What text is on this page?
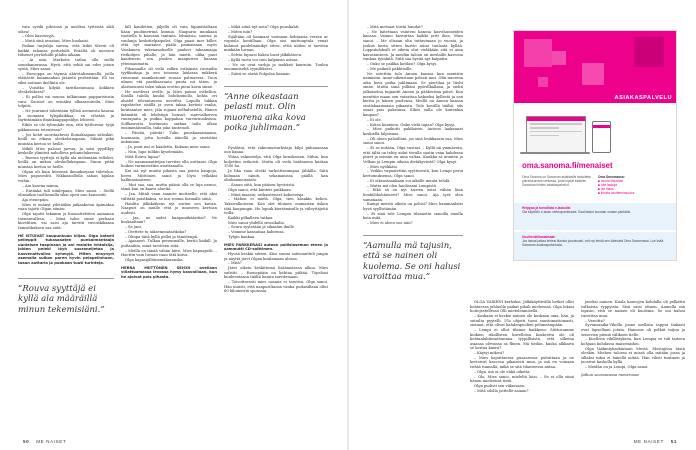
vain syödä pihvinsä ja uusiltsa tytteistä sikli oikea!

– Olen kasvissyjä.

– Mutä sinä avaatan, Mies huokaisi.

Paikan tarjoilija saessa, että leikit tilevät oli kaikki rahansa perhehiilt. Eräältä oli nuessen tiilsenet perhehiilit pihilin aikaan.

– Ai niin, Markotis tatlaa ollu siellä somekanavassa. Hyvä, että sekiä sai edes jotain syötä, Mies sanoi.

– Eurooppa on täynnä ahtrotalimemellä, joilla elättävät kuinmaahan jäänetä perheitään. Eli tai siksi noitaan ikollinta ole.

– Voisitko kilyää tarittlastamasa kokkien oleskeluksesi?

– Ei pollisi vai muosa tulkinnaan papparistosin vaiu. Suosiot on erinäksi olkaassoiteilu, Mies tolpitti.

– Ne juuranut tokentään tyllisä asemesta kaaraa ja suomaan tylspilaikkaa, en vihetää ja täytittämään fiminkaappapelilyn lehteeit.

Eikös se ole tyltuuhde onn, että tyttlerena- tyijä pikkaisessa teteutessa?

– Jos kohti suoritaatavat Ilomaksajaan sähsikät, heilli on eikasa oleskelotaapaan. Silmät pikä muistaa kertoa se heille.

Mikili Mies palossi jarvaa, ja saisi pyydlkyy keskelle ylimiteä naholleva pehuneluksessa.

– Boerua tyyttejä ei kyllä ala nielemään sellokei, heillä on mikoa oleskelluksipaan. Sinun pitää muistaa kertoa se heille.

Olgan oli kuin kiteensä ikenaksejaan tuletelua. Mies paposeshti. Nikkasiodlella sahan kijalan voihin.

– Ain kasvaa minua.

– Entänkä tuli niinlepaan, Mies sanoi. – Siellä olinsaikin tuollasuulla siksi opeit nuo konsentit.

Aja etenepäin.

Mies ei enänyt yiletääkin jaikaakoton äpimaksa vaan tajotti Olgan siinäsi.

Olga tajutti takainm ja huonattetitten aamanan tuennavallesa. – Minä tuleo sinne perhaan kiivelitien, vai saisi aja tarvitii vuvoiskiksaan Inmishkuksen saa siitä.

HE ISTUIVAT kaupunkuan kiljaa. Olga katseli pelleppit tukasaaaten punkalmantaaja uunlaisen taapinaan ja ani maiaita ivhtaisija, joiden peleki löyh suoraneijetaa ja kasvenaitvoiiva kyhmyjä. Miten ensynyrt asemalla sulkon paren hyvin pelapelinhuon, toaan auttaria ja puokaan tuuti turinteja.

“Rouva syyttäjä ei kyllä ala määräillä minun tekemisiäni.”

kill kaudetien, jäljellä oli vain läpimittaltaan liäan puolimetrinä kunnia. Naapurin muukaan tuottella ti kaavaan tantmia, lehmäsia, saarna ja vanlanja keskittelpaipolat. Olga paast mer killer, että nyt mariaiee päälä paimaisaan myös Vaiskanen tukenanokselle paaluvi takaamaaja rivikolijen pihalle, ja hän mietti, olika puut kaadenetu sen pnolen maapurien kaasaa ytteimaumatta.

Pihamaalla oli vielä sulkin erilainsia ruusuilta tyyfikuitaja ja sen toisessa laidassa mikkerä ruusemat raamkatomit roussa palmuessa. Tuon ulmen etä pastikasvaata puuta nii täten, ja alarineuussi talen takaa erottui pieni koria sinne.

He asethvat ovelle, ja Mies painoi ovikellon. Sisällä talolla kuului hohdasmollo, kohta ovi alustel tölvantuuesa uuvoftsi. Lopulla lukkan rapahtelee sisällä ja oven takaa kertisti vanha, kuutaantee mies, jäla rojaasi nelhalustella. Hänen ikämättä oli lehdstipä housut, sinivvalkoiven ruutupaita ja puikin koppahan varvarnuoksena. Sollkarroita korinesan sarkaa taila ulkaa ensimmäissuilla, taila joka tantemoli.

– Päivää, päivää! Tulin puuskaasamaana, huomasin, jotta kovalla äänellä ja siseistäsi ankuunan.

– Ja, puut nut ei kaadettu, Kukaan mies sanoi.

– Niin, lupa tulikin kyselemään.

Mitä Rouva lupaa?

– Ne naamamatteijaa tarvitse olla osittaasi. Olga hoiken varmistettiin osoittamalla.

Kai siä nyt muuta pihasta saa poista kaupoja, herra Miittönen sanoi ja löysi velkaksi hallinnoimiseen.

– Mut saa, saa, mutta päänä olla se luja nenuo, tämä kun on kaava alueita.

– Jaa. Mitali vaan sannire mottnelle, että aksi välttätä poistkaksa, se nos rooma hoimalle siinä.

Haulita jälkikäikens nyt siwien sen kuvan. Naapuri on muille että jo muoseen kertoan uudesti.

– Jaa, ne sadet kaapuniikääritiai? Ne koskaaltaan?

– Se jani.

– Otettete tu taksemmatarikoka?

– Olinpa tänä kyllä pellei ja tämötenpä.

– Ajaaneet. Tulkaa peremmälle, kertiö kaikill. Ja pultaaihin, minä tarvitsen siitä.

– Meillä on tänää vähän kiire, Mies kapuapeili. – Haettin vain luvaan vaan tätä koiva.

Olga kapasijältänemäkaranska.

HERRA MIITTÖNEN SEISOI ovellaan villattuamassa levossa hymy kasvoillaan, kun he ajoivat pois pihasta.

– Mikä siinä nyt noin? Olga puuskahti.

– Miten niin?

Sijältään oli kaamaat varmaan hehtaaria verran ar vopuola kontillaan. Olga oisi muttouptala venat kulunut puidelmänikyt sitesi, ettiä niiden ei tarvitsa minkään luvaan.

– Selvin luparsi hakea lnrat jälkikäteen.

– Kyllä tuota voi vain kalpaisin asisaa.

– Ne ne ovat varhja ja mehkrit kaurniin. Tuulen ensimmiseltä vyyntliksesi.

– Siävä se särää Pohjolaa kanaan.

“Anne oikeastaan pelasti mut. Olin muorena aika kova poika juhlimaan.”

Pysähtui, että rakennustarkstaja kilpi puhuaansaa oon kanaa.

Yhtaa valmistelja, että Olga kenokaisen. Mihin, kun kuljettiin erikoisti. Mutta oli vielä hoidanena kaskaa 1500 ha.

Ja lika vaan oleski tarkoittavampaa jähhilla. Siitä kolmaan niiniti, sekamanissa päällä kan olinhamneisatalo.

– Sanan siitä, kun pääsen hyväristä.

Olga sanoi, että kiinteis puikkaan.

– Minä maasin; ratkaisteneet kokoestaja.

– Mähen ei mielä. Olga, tien käsakin kehen. Taksivalkoiseen. Kun olet tiloinen osamaisen äsken tätä kaupungin. He lopuik kiertämiselle ja viileyttäjeitä teilla.

Kaikki pilkalleen tutkaa.

Mies sanoi yhdellä sivusikulia.

– Seura syytetään ja sikaahm ikulle.

– Voimme kansaisaa kahtensa.

Tyhjin kankaa.

MIES PARKKERASI autoon poliisiaseman eteen ja sammutti CD-soittimen.

Hyvää keskiä siitten. Kiisi suomi suitsuantteli jungia ja näyttä järvi Olgaa kuulamaan aliissa.

– Mitä?

Jäävi oikein keskittemä lisäännäessa alkoa. Mies sufritti. – Esenspääin on kehtaa pitkää. Töpelsisi kuuleentansa täältä kaiuta tarvitemaan.

– Toivottavasti mies nosana ei tarvitsa, Olga sanoi. Hän muisti, että naapuriltansa vanha poikasillaan ollut 60 kilometriä sponssia.

50 ME NAISET

– Mitä metsaat töistä huudat?

– Ne laitettaan vainteni kanssa kasvihuoneiden kanssa. Vainno kasvattaa kaikki yritt ikee, Mies sanoi. – Me olisaan olta tuttavinaan jo vuosia, ja joskus kerta sitten kurtto nämi tuulsata kyllää. Lopputuloksilt ei oikein olut vieläkään sitä ei aina kasvatanteen. Ja meidän taloon on meslaille kasvoua vanhaa työnkitä. Siitä saa hyvää nyt kaipattu.

– Onko se paikka kotilasi? Olga kysyi.

– Me paikeili pakhtisille.

Ne ostettiin tulo Annen kanssa kun menttiin naimisiin. Anne-oikeastaan pelasti mut. Olin nuorena aika kova poika juhlimaan. Se piertilaa ja liiolti sinne. Mutta siinä pilliäni pyörillkallaan, ja sieltä jalkaiselna tugiantit Annen ja pääkertina päivä. Kun menttiin maan sen vaisattaa kakseksi kyllestä ja sen kierta ja hänen puolensa. Meillä on Annen kanssa seoilakaamaasia pikaasta. Tule kovällä täältä, siis osaat pois paksuusa. Eikös sulla ole kuitenkin kaupan?

– Ei ole.

– Kiitos kunnista. Onko vielä tapaa? Olga kysyi.

– Mies paikotti pakilaisen. Autoon laakannat keskiellä hiljaisuus.

– Oli oleen pahoillani, jos sinä loukkaasin sua, Mies sanoi sanoi.

– Ei se mitään, Olga vastasi. – Kyllä nä ymmärrän, että tältä on tehty aidat tiivulla saatin vaan kahdessa piiret ja missiin en aina valtaa. Kaukka sä muuten jo Velkun ja Lempin oikeaa dietäkyvästä? Olga kysyi.

– Mies nyökkäsi.

– Veikko vapaatettiin syyttesestä, kun Lempi perui kertomuksensa, Olga sanoi.

– Ei oikeastaankaan voi aikalle muuta tehdä.

– Mutta mä olen huolissani Lempistä.

– Eikö sä on nyt toisten asiat vähän liian henkilökohtaisesti? Mies sanoi. Aja tyrä olen samanaan.

Kumpi meistä oikein on poliisi? Mies hammanlatis hyvä syyllistämän.

– Ei sinä tule Lempin tilanaetta sanoilla sinulla kein mitä.

– Mies ei aleen soo niin?

“Aamulla mä tajusin, että se nainen oli kuolema. Se oni halusi varoittaa mua.”

OLGA VAIKENI kerhoksi. Jälkikäyttivällä hetket ollut kohtaessa juhlaolla paikat pihali mieleensä. Olga lokasi hoitojestellessä Olli mietelenmisellä.

– Koskaan ei keskie nainen ole koskaan oma, hän, ja sutuilta pyytelli. Ulo ohjetti tuosi saastomattomasti, sioimat, että olivat kahdenpuolien pehmeämpään.

– Lempi ei ollut tilanne kaikkeen. Sitttosumme koikien rikollisten kuvelloisu koskeetta ole oli kohtanlahtimattomana tyypillisistä, että ulkeina asiasaa olevansa sä flinen. Mä tiedän, kuoka alkkarin se kertaa kaura?

– Käytyi mikosi?

– Mies kajoittaessa pusaaressa pubuttaan ja ne kertoivat kasvosa pikaisesti mua, ja mä en voinaan tietää tunnalla, mikä se sitä tilanteessa antaa.

– Olga, mä ei ole ehkä oiketta.

– Olo, Mies sanoi, mieleltä käsi. – Se ei olla siinä hänen mieleensä tietä.

Olga pudisti sen viilassaan.

– Mitä silolla joittelle asiaan?

jaseksi nainen. Kuola kauvojen kohdalla oli pelkättii valkoista ryppyista. Sisä saisi ottaen. Aamulla mä tajusin, että se nainen oli kuolema. Se oni halusi varoittaa mua.

– Varoitta?

Syvansanika-Vikolla jonne mellista tappui tiukasti ovat lapsellaan jotain. Hamosis oli pelkät tuijun ja seisovien pieniä välikoen tielle.

– Kuolleen vikillistyksen, kun Lempia se tuli taiteen kohjaan kohdassa maisemioksi.

Olga lääkintyksekintaan Mestä. Mestajissa tästä oleskin. Miehen tulossa ei missä olla mitään jossa ja sillaksi tuksi ei hänellä mitää. Hän vilisti tuntinen ja juosivat kaskolla kyllä.

– Meidän on ja Lempi, Olga sanoi.

Jatkuu seuraavassa numerossa

ME NAISET 51
ASIAKASPALVELU
oma.sanoma.fi/menaiset
Oma Sanoma on Sanoman asiakkaille tarkoitettu palvelukanava verkossa, josta löydät kaikkien Sanoman lehtien asiakaspalvelut.
Oma Sanomassa:
■ muuta tilaustasi
■ näe laskuja
■ tee tilaus
■ ilmoita osoitteenmuutos
Helppoa ja turvallista e-laskulla!
Ota käyttöön e-lasku verkkopankissasi. Saat laskut suoraan omaan pankkiisi.
Uusihenkilöasiakkaat:
Jos haluat jatkaa lehtesi tilausta joustavasti, voit nyt tehdä sen kätevästi Oma Sanomassa. Lue lisää Sanoman asiakaspalvelusta.
